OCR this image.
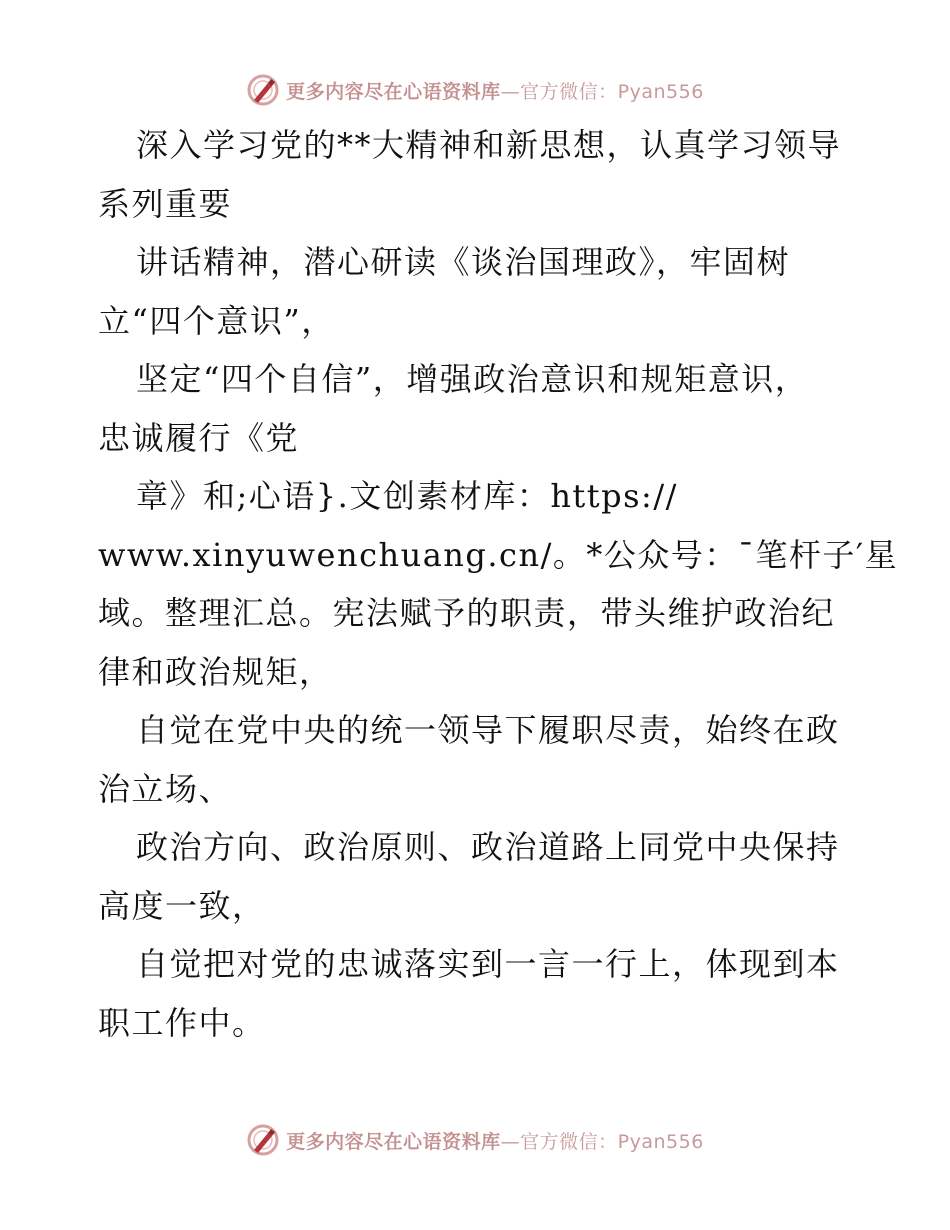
更多内容尽在心语资料库—官方微信：Pyan556
深入学习党的**大精神和新思想，认真学习领导
系列重要
讲话精神，潜心研读《谈治国理政》，牢固树
立“四个意识”，
坚定“四个自信”，增强政治意识和规矩意识，
忠诚履行《党
章》和;心语}.文创素材库：https://
www.xinyuwenchuang.cn/。*公众号：¯笔杆子′星
域。整理汇总。宪法赋予的职责，带头维护政治纪
律和政治规矩，
自觉在党中央的统一领导下履职尽责，始终在政
治立场、
政治方向、政治原则、政治道路上同党中央保持
高度一致，
自觉把对党的忠诚落实到一言一行上，体现到本
职工作中。
更多内容尽在心语资料库—官方微信：Pyan556
